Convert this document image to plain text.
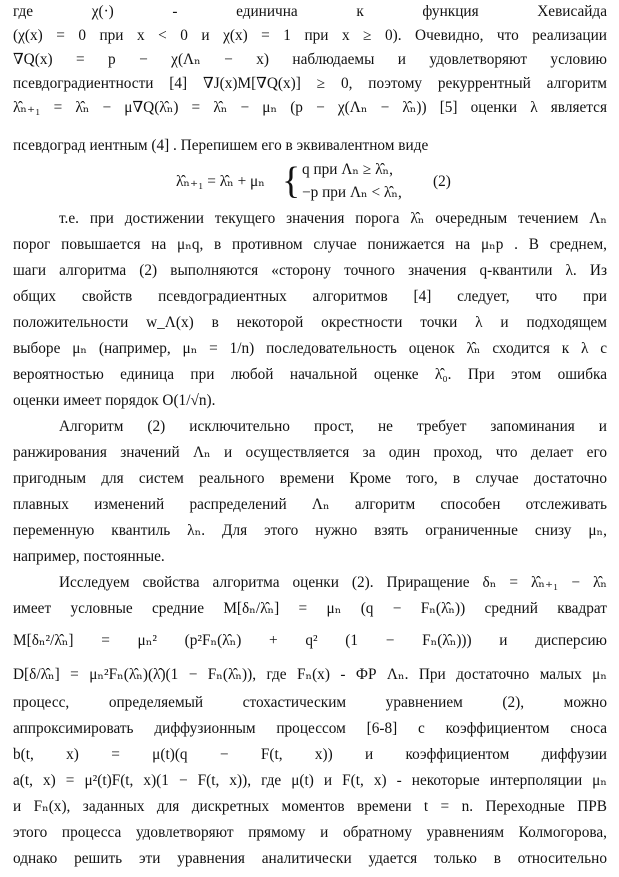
где χ(·) - единична к функция Хевисайда
(χ(x) = 0 при x < 0 и χ(x) = 1 при x ≥ 0). Очевидно, что реализации
∇Q(x) = p − χ(Λₙ − x) наблюдаемы и удовлетворяют условию
псевдоградиентности [4] ∇J(x)M[∇Q(x)] ≥ 0, поэтому рекуррентный алгоритм
λ̂ₙ₊₁ = λ̂ₙ − μ∇Q(λ̂ₙ) = λ̂ₙ − μₙ (p − χ(Λₙ − λ̂ₙ)) [5] оценки λ является
псевдоград иентным (4] . Перепишем его в эквивалентном виде
λ̂ₙ₊₁ = λ̂ₙ + μₙ { q при Λₙ ≥ λ̂ₙ,
−p при Λₙ < λ̂ₙ,
(2)
т.е. при достижении текущего значения порога λ̂ₙ очередным течением Λₙ
порог повышается на μₙq, в противном случае понижается на μₙp . В среднем,
шаги алгоритма (2) выполняются «сторону точного значения q-квантили λ. Из
общих свойств псевдоградиентных алгоритмов [4] следует, что при
положительности w_Λ(x) в некоторой окрестности точки λ и подходящем
выборе μₙ (например, μₙ = 1/n) последовательность оценок λ̂ₙ сходится к λ с
вероятностью единица при любой начальной оценке λ̂₀. При этом ошибка
оценки имеет порядок O(1/√n).
Алгоритм (2) исключительно прост, не требует запоминания и
ранжирования значений Λₙ и осуществляется за один проход, что делает его
пригодным для систем реального времени Кроме того, в случае достаточно
плавных изменений распределений Λₙ алгоритм способен отслеживать
переменную квантиль λₙ. Для этого нужно взять ограниченные снизу μₙ,
например, постоянные.
Исследуем свойства алгоритма оценки (2). Приращение δₙ = λ̂ₙ₊₁ − λ̂ₙ
имеет условные средние M[δₙ/λ̂ₙ] = μₙ (q − Fₙ(λ̂ₙ)) средний квадрат
M[δₙ²/λ̂ₙ] = μₙ² (p²Fₙ(λ̂ₙ) + q² (1 − Fₙ(λ̂ₙ))) и дисперсию
D[δ/λ̂ₙ] = μₙ²Fₙ(λ̂ₙ)(λ̂)(1 − Fₙ(λ̂ₙ)), где Fₙ(x) - ФР Λₙ. При достаточно малых μₙ
процесс, определяемый стохастическим уравнением (2), можно
аппроксимировать диффузионным процессом [6-8] с коэффициентом сноса
b(t, x) = μ(t)(q − F(t, x)) и коэффициентом диффузии
a(t, x) = μ²(t)F(t, x)(1 − F(t, x)), где μ(t) и F(t, x) - некоторые интерполяции μₙ
и Fₙ(x), заданных для дискретных моментов времени t = n. Переходные ПРВ
этого процесса удовлетворяют прямому и обратному уравнениям Колмогорова,
однако решить эти уравнения аналитически удается только в относительно
